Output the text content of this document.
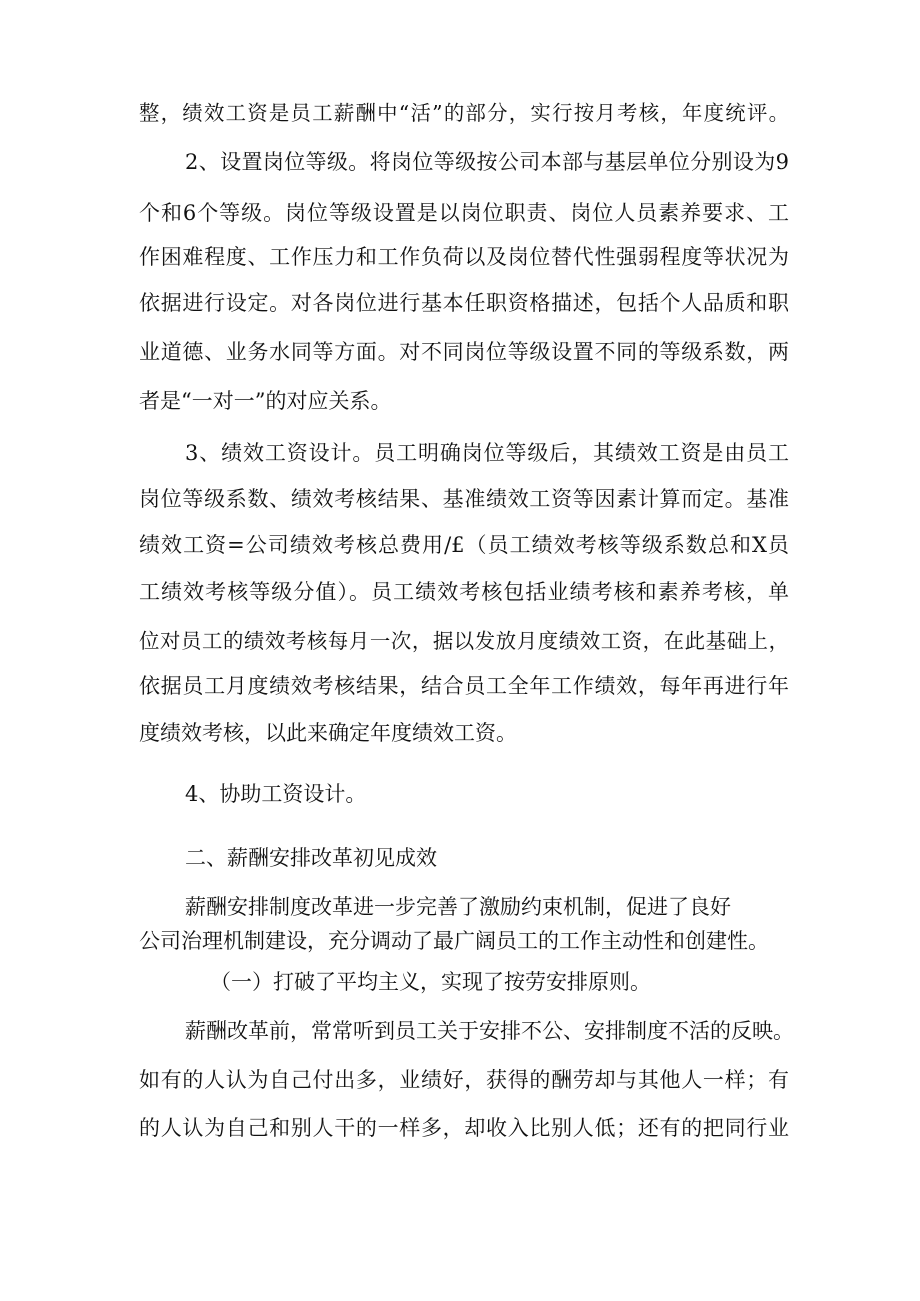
整，绩效工资是员工薪酬中“活”的部分，实行按月考核，年度统评。
2、设置岗位等级。将岗位等级按公司本部与基层单位分别设为9
个和6个等级。岗位等级设置是以岗位职责、岗位人员素养要求、工
作困难程度、工作压力和工作负荷以及岗位替代性强弱程度等状况为
依据进行设定。对各岗位进行基本任职资格描述，包括个人品质和职
业道德、业务水同等方面。对不同岗位等级设置不同的等级系数，两
者是“一对一”的对应关系。
3、绩效工资设计。员工明确岗位等级后，其绩效工资是由员工
岗位等级系数、绩效考核结果、基准绩效工资等因素计算而定。基准
绩效工资=公司绩效考核总费用/£（员工绩效考核等级系数总和X员
工绩效考核等级分值）。员工绩效考核包括业绩考核和素养考核，单
位对员工的绩效考核每月一次，据以发放月度绩效工资，在此基础上，
依据员工月度绩效考核结果，结合员工全年工作绩效，每年再进行年
度绩效考核，以此来确定年度绩效工资。
4、协助工资设计。
二、薪酬安排改革初见成效
薪酬安排制度改革进一步完善了激励约束机制，促进了良好
公司治理机制建设，充分调动了最广阔员工的工作主动性和创建性。
（一）打破了平均主义，实现了按劳安排原则。
薪酬改革前，常常听到员工关于安排不公、安排制度不活的反映。
如有的人认为自己付出多，业绩好，获得的酬劳却与其他人一样；有
的人认为自己和别人干的一样多，却收入比别人低；还有的把同行业
